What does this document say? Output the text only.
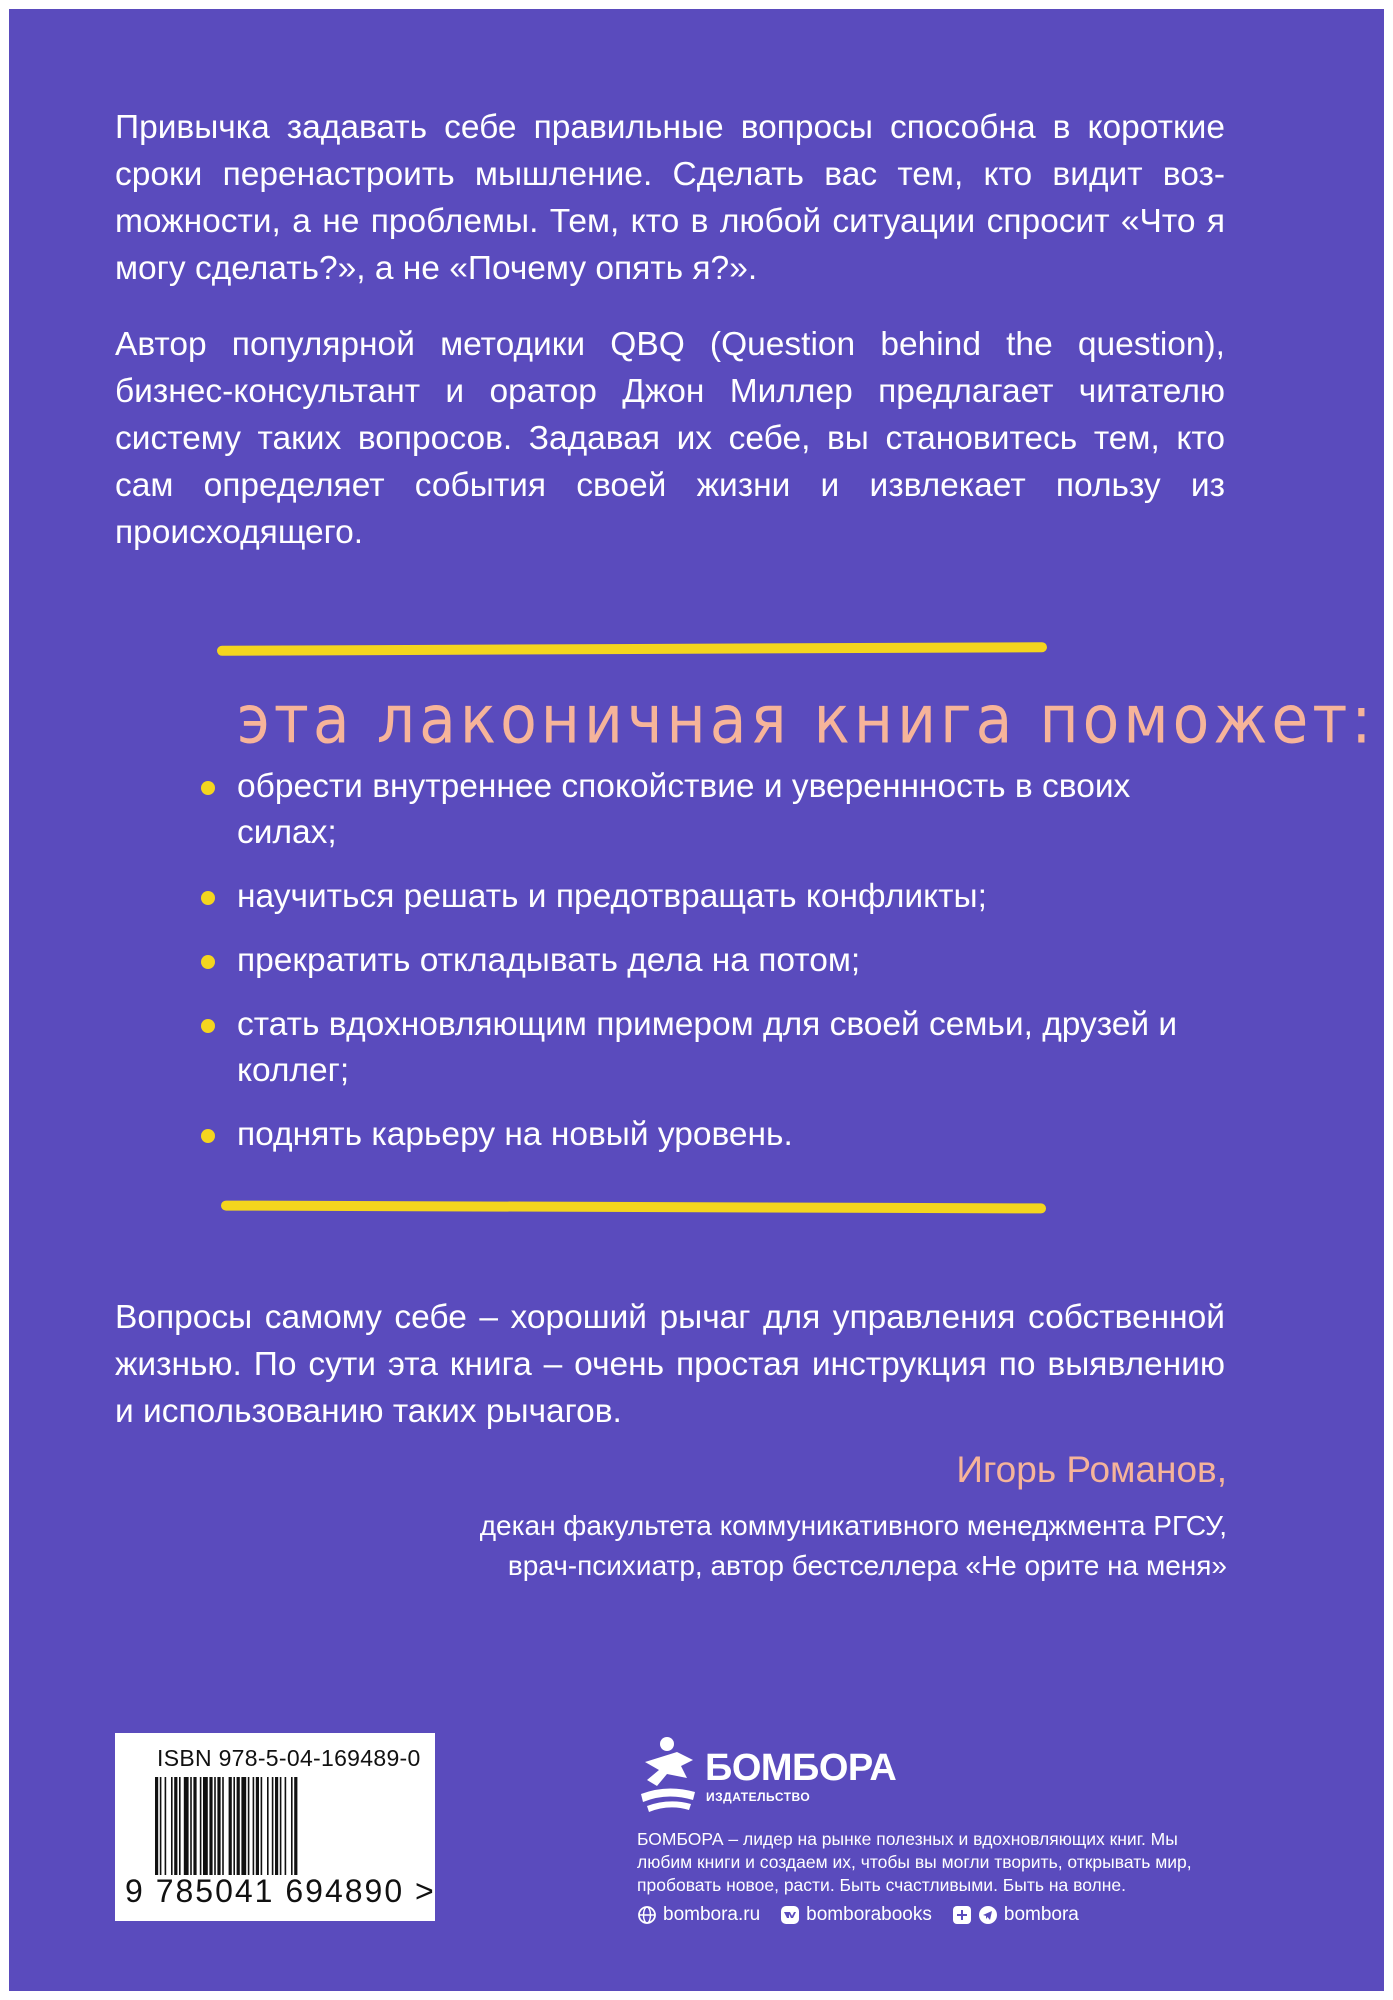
Привычка задавать себе правильные вопросы способна в короткие сроки перенастроить мышление. Сделать вас тем, кто видит возmожности, а не проблемы. Тем, кто в любой ситуации спросит «Что я могу сделать?», а не «Почему опять я?».

Автор популярной методики QBQ (Question behind the question), бизнес-консультант и оратор Джон Миллер предлагает читателю систему таких вопросов. Задавая их себе, вы становитесь тем, кто сам определяет события своей жизни и извлекает пользу из происходящего.

эта лаконичная книга поможет:
обрести внутреннее спокойствие и увереннность в своих силах;
научиться решать и предотвращать конфликты;
прекратить откладывать дела на потом;
стать вдохновляющим примером для своей семьи, друзей и коллег;
поднять карьеру на новый уровень.

Вопросы самому себе – хороший рычаг для управления собственной жизнью. По сути эта книга – очень простая инструкция по выявлению и использованию таких рычагов.

Игорь Романов,

декан факультета коммуникативного менеджмента РГСУ,
врач-психиатр, автор бестселлера «Не орите на меня»
ISBN 978-5-04-169489-0
9 785041 694890 >
БОМБОРА
ИЗДАТЕЛЬСТВО

БОМБОРА – лидер на рынке полезных и вдохновляющих книг. Мы любим книги и создаем их, чтобы вы могли творить, открывать мир, пробовать новое, расти. Быть счастливыми. Быть на волне.

bombora.ru bomborabooks	bombora
